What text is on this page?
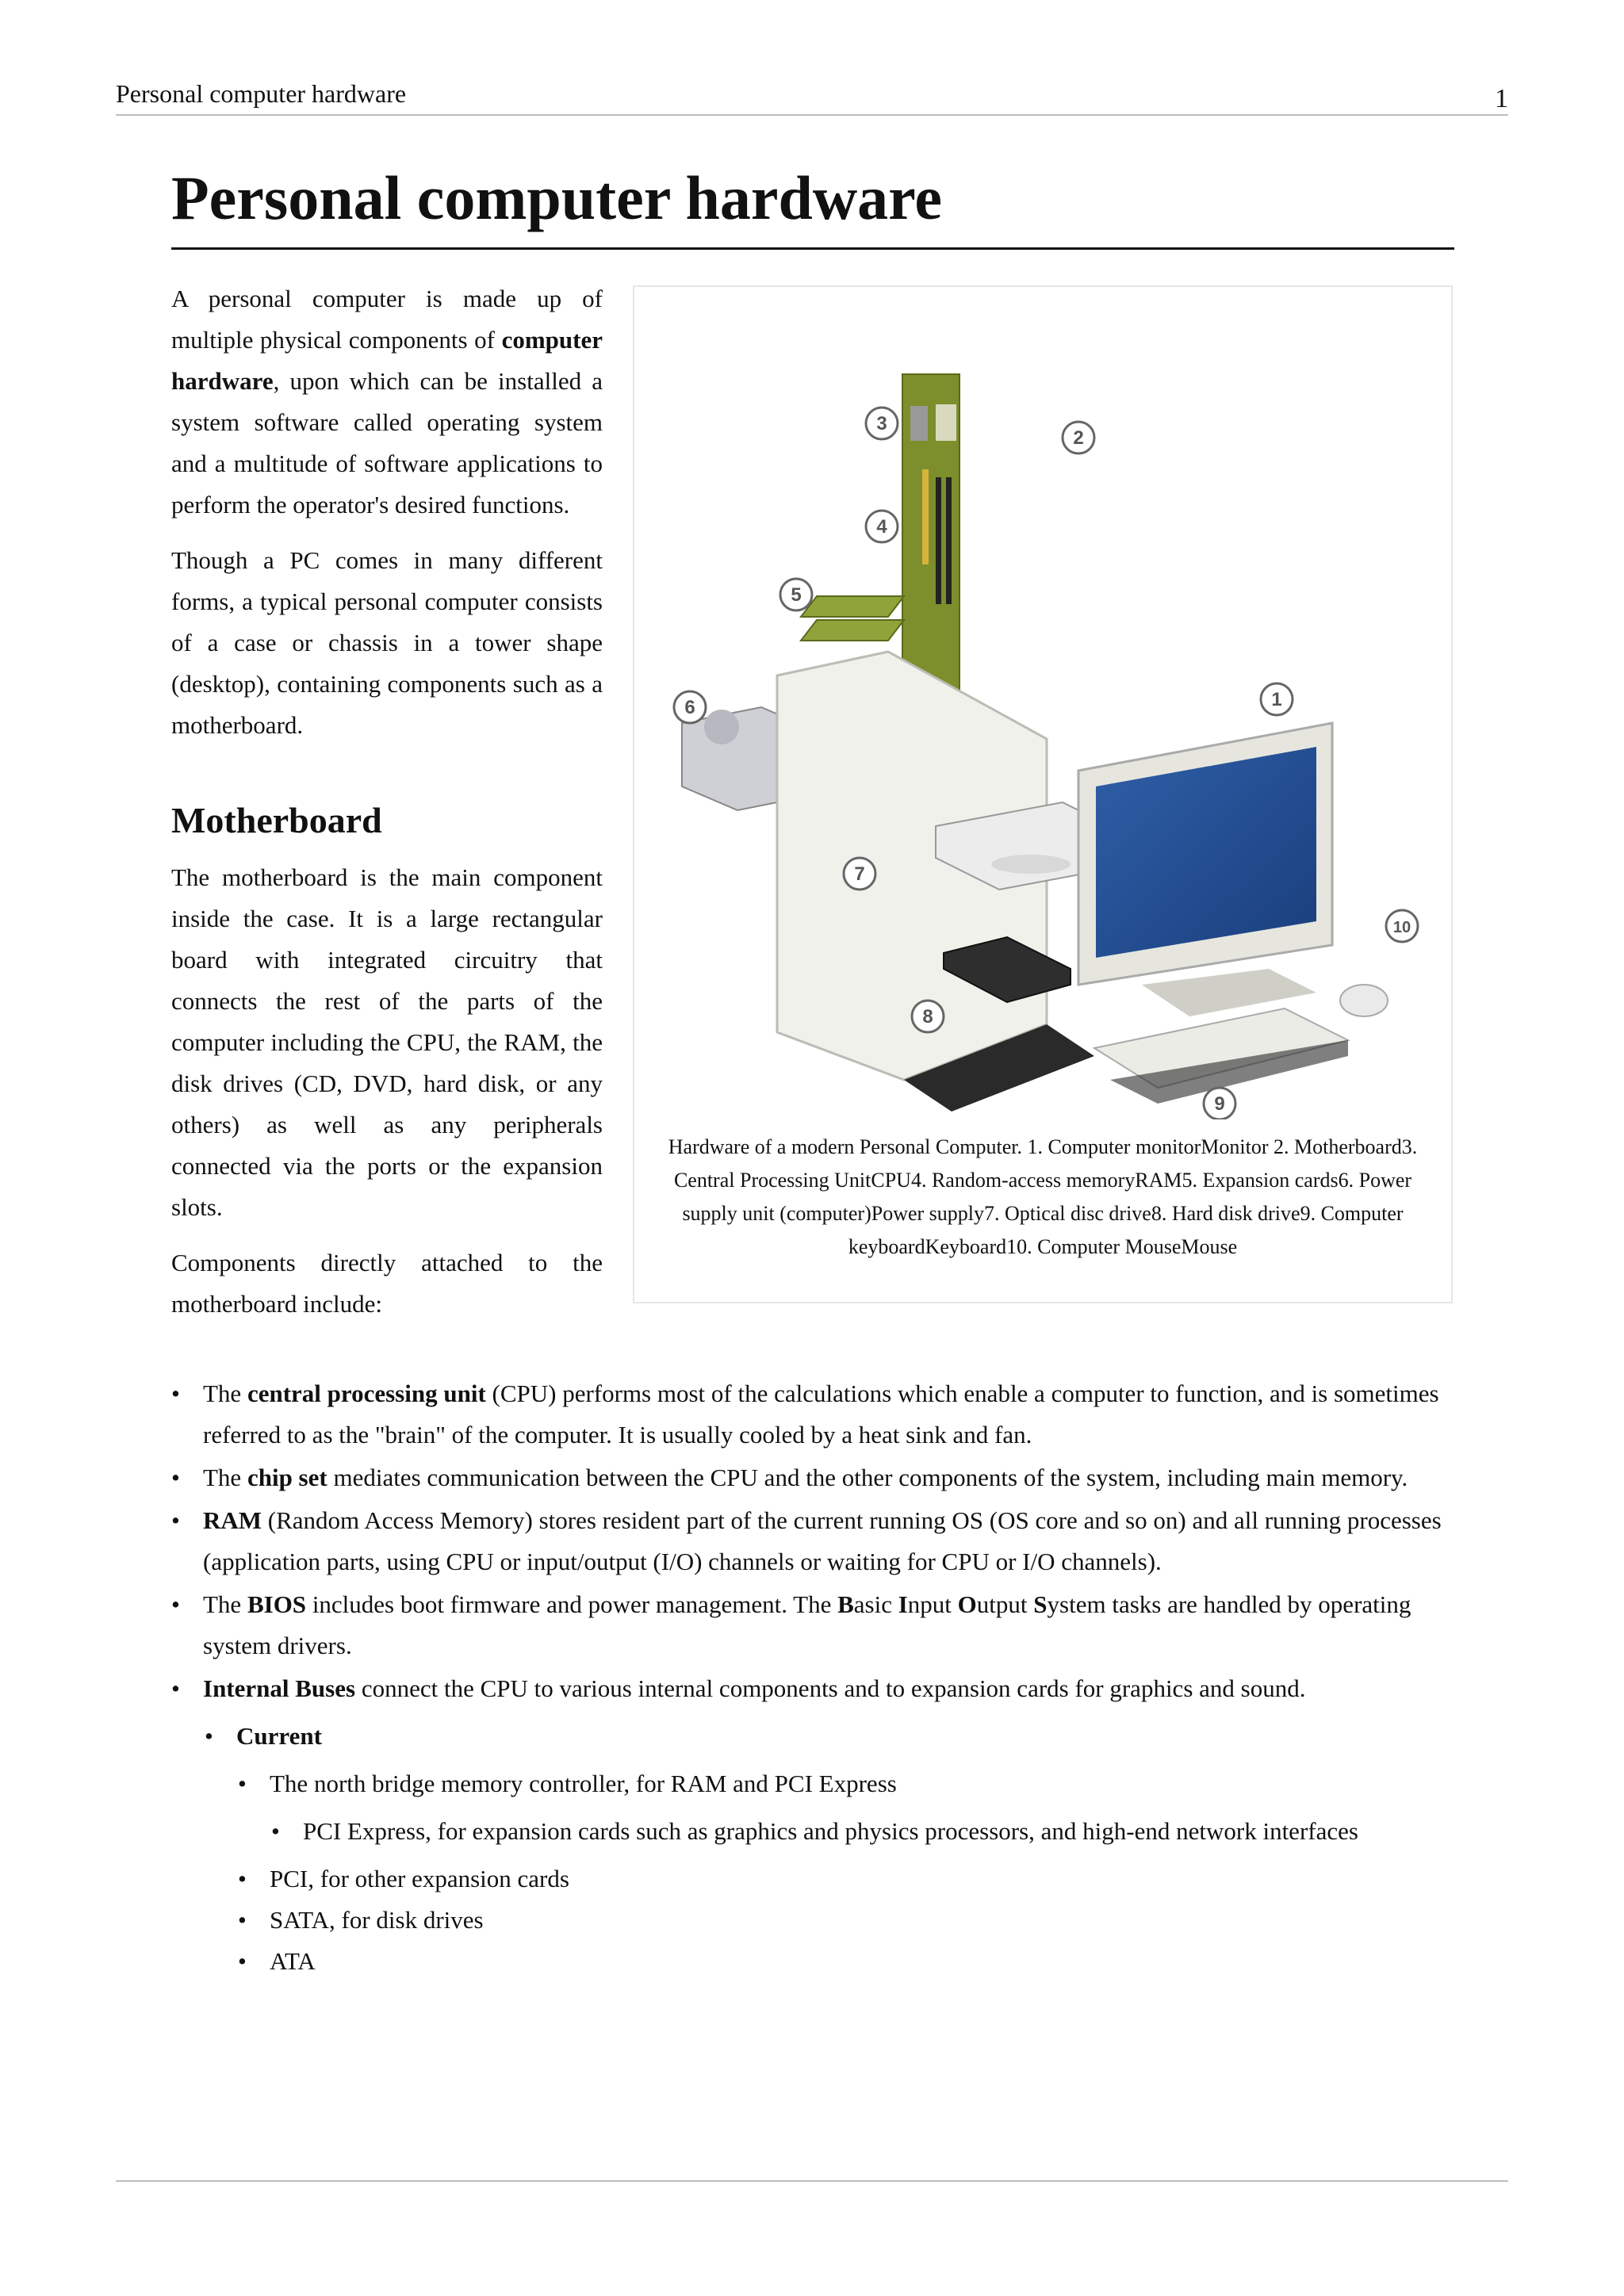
Personal computer hardware	1
Personal computer hardware
1
2
3
4
5
6
7
8
9
10
Hardware of a modern Personal Computer. 1. Computer monitorMonitor 2. Motherboard3. Central Processing UnitCPU4. Random-access memoryRAM5. Expansion cards6. Power supply unit (computer)Power supply7. Optical disc drive8. Hard disk drive9. Computer keyboardKeyboard10. Computer MouseMouse

A personal computer is made up of multiple physical components of computer hardware, upon which can be installed a system software called operating system and a multitude of software applications to perform the operator's desired functions.

Though a PC comes in many different forms, a typical personal computer consists of a case or chassis in a tower shape (desktop), containing components such as a motherboard.

Motherboard

The motherboard is the main component inside the case. It is a large rectangular board with integrated circuitry that connects the rest of the parts of the computer including the CPU, the RAM, the disk drives (CD, DVD, hard disk, or any others) as well as any peripherals connected via the ports or the expansion slots.

Components directly attached to the motherboard include:

• The central processing unit (CPU) performs most of the calculations which enable a computer to function, and is sometimes referred to as the "brain" of the computer. It is usually cooled by a heat sink and fan.
• The chip set mediates communication between the CPU and the other components of the system, including main memory.
• RAM (Random Access Memory) stores resident part of the current running OS (OS core and so on) and all running processes (application parts, using CPU or input/output (I/O) channels or waiting for CPU or I/O channels).
• The BIOS includes boot firmware and power management. The Basic Input Output System tasks are handled by operating system drivers.
• Internal Buses connect the CPU to various internal components and to expansion cards for graphics and sound.
• Current
• The north bridge memory controller, for RAM and PCI Express
• PCI Express, for expansion cards such as graphics and physics processors, and high-end network interfaces
• PCI, for other expansion cards
• SATA, for disk drives
• ATA
